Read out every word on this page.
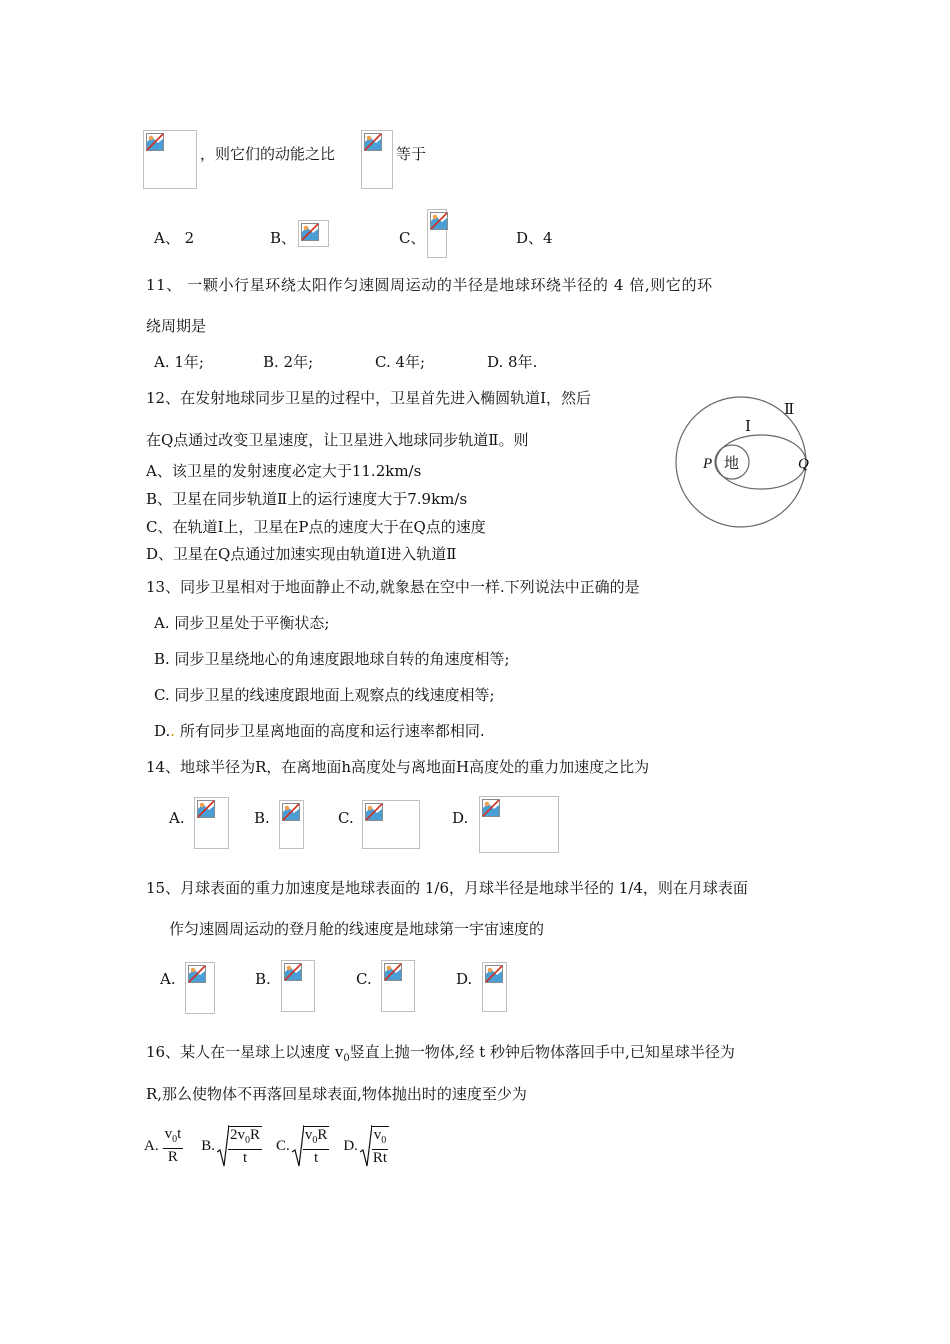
，则它们的动能之比	等于
A、 2	B、	C、	D、4
11、 一颗小行星环绕太阳作匀速圆周运动的半径是地球环绕半径的 4 倍,则它的环
绕周期是
A. 1年;	B. 2年;	C. 4年;	D. 8年.
12、在发射地球同步卫星的过程中，卫星首先进入椭圆轨道Ⅰ，然后
在Q点通过改变卫星速度，让卫星进入地球同步轨道Ⅱ。则
A、该卫星的发射速度必定大于11.2km/s
B、卫星在同步轨道Ⅱ上的运行速度大于7.9km/s
C、在轨道Ⅰ上，卫星在P点的速度大于在Q点的速度
D、卫星在Q点通过加速实现由轨道Ⅰ进入轨道Ⅱ
地
P	Q
Ⅰ
Ⅱ
13、同步卫星相对于地面静止不动,就象悬在空中一样.下列说法中正确的是
A. 同步卫星处于平衡状态;
B. 同步卫星绕地心的角速度跟地球自转的角速度相等;
C. 同步卫星的线速度跟地面上观察点的线速度相等;
D.. 所有同步卫星离地面的高度和运行速率都相同.
14、地球半径为R，在离地面h高度处与离地面H高度处的重力加速度之比为
A.	B.	C.	D.
15、月球表面的重力加速度是地球表面的 1/6，月球半径是地球半径的 1/4，则在月球表面
作匀速圆周运动的登月舱的线速度是地球第一宇宙速度的
A.	B.	C.	D.
16、某人在一星球上以速度 $v_0$竖直上抛一物体,经 t 秒钟后物体落回手中,已知星球半径为
R,那么使物体不再落回星球表面,物体抛出时的速度至少为
A. $\frac{v_0t}{R} B$. $\frac{2v_0R}{t} C$. $\frac{v_0R}{t} D$. $\frac{v_0}{Rt}$
